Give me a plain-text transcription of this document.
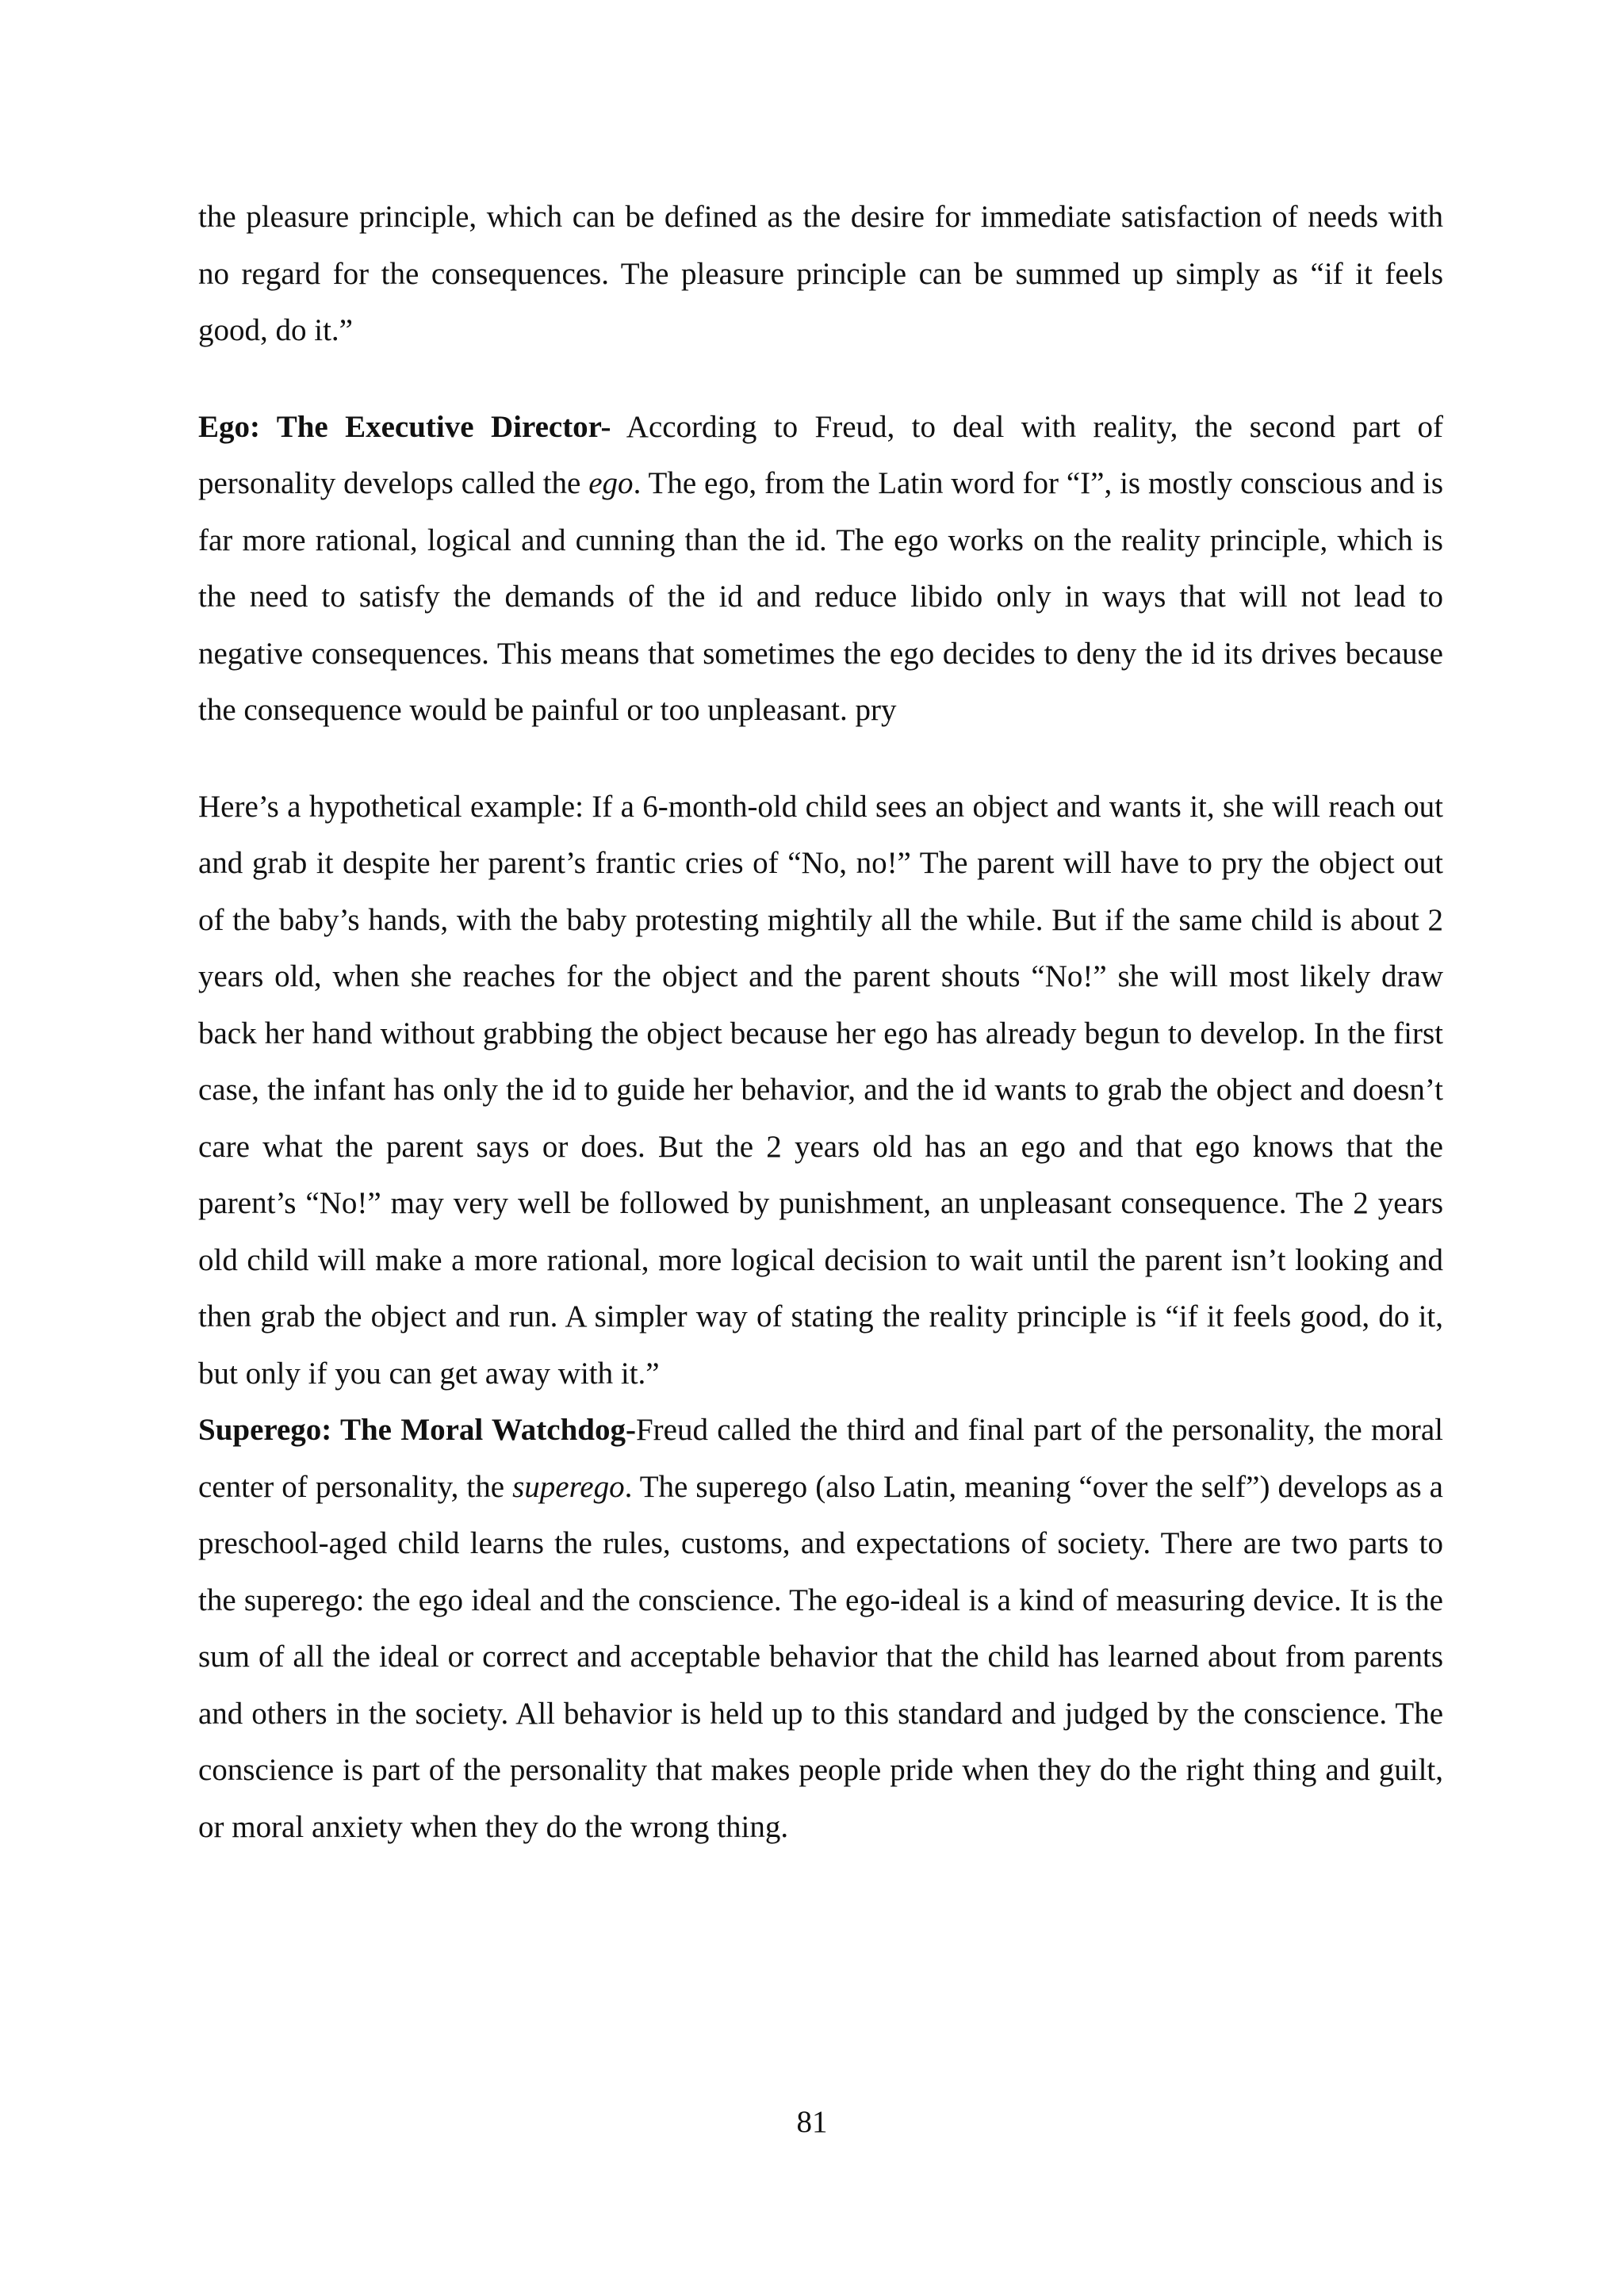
the pleasure principle, which can be defined as the desire for immediate satisfaction of needs with no regard for the consequences. The pleasure principle can be summed up simply as “if it feels good, do it.”

Ego: The Executive Director- According to Freud, to deal with reality, the second part of personality develops called the ego. The ego, from the Latin word for “I”, is mostly conscious and is far more rational, logical and cunning than the id. The ego works on the reality principle, which is the need to satisfy the demands of the id and reduce libido only in ways that will not lead to negative consequences. This means that sometimes the ego decides to deny the id its drives because the consequence would be painful or too unpleasant. pry

Here’s a hypothetical example: If a 6-month-old child sees an object and wants it, she will reach out and grab it despite her parent’s frantic cries of “No, no!” The parent will have to pry the object out of the baby’s hands, with the baby protesting mightily all the while. But if the same child is about 2 years old, when she reaches for the object and the parent shouts “No!” she will most likely draw back her hand without grabbing the object because her ego has already begun to develop. In the first case, the infant has only the id to guide her behavior, and the id wants to grab the object and doesn’t care what the parent says or does. But the 2 years old has an ego and that ego knows that the parent’s “No!” may very well be followed by punishment, an unpleasant consequence. The 2 years old child will make a more rational, more logical decision to wait until the parent isn’t looking and then grab the object and run. A simpler way of stating the reality principle is “if it feels good, do it, but only if you can get away with it.”

Superego: The Moral Watchdog-Freud called the third and final part of the personality, the moral center of personality, the superego. The superego (also Latin, meaning “over the self”) develops as a preschool-aged child learns the rules, customs, and expectations of society. There are two parts to the superego: the ego ideal and the conscience. The ego-ideal is a kind of measuring device. It is the sum of all the ideal or correct and acceptable behavior that the child has learned about from parents and others in the society. All behavior is held up to this standard and judged by the conscience. The conscience is part of the personality that makes people pride when they do the right thing and guilt, or moral anxiety when they do the wrong thing.

81
